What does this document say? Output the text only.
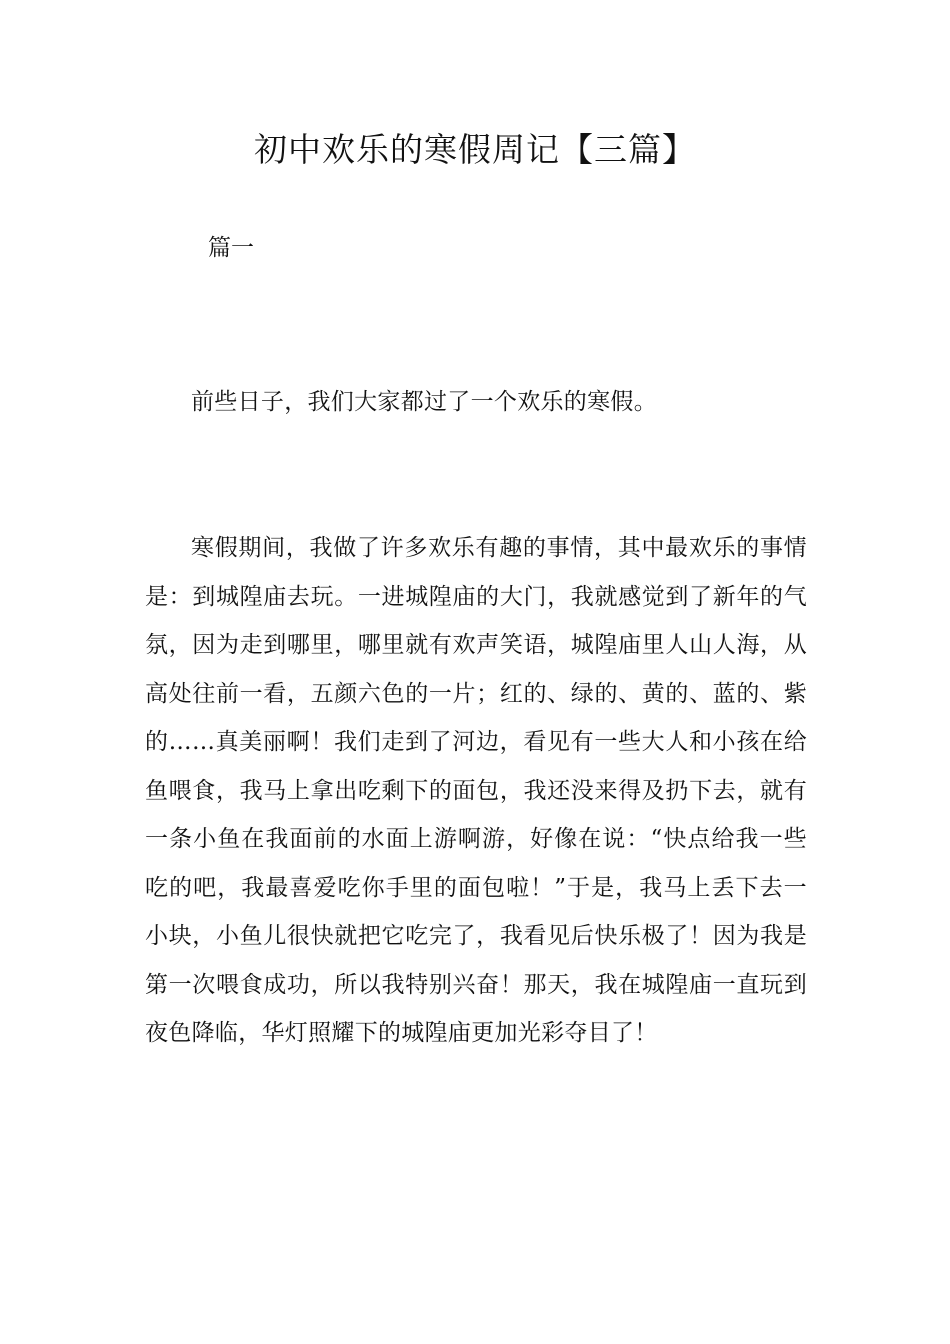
初中欢乐的寒假周记【三篇】

篇一

前些日子，我们大家都过了一个欢乐的寒假。

寒假期间，我做了许多欢乐有趣的事情，其中最欢乐的事情是：到城隍庙去玩。一进城隍庙的大门，我就感觉到了新年的气氛，因为走到哪里，哪里就有欢声笑语，城隍庙里人山人海，从高处往前一看，五颜六色的一片；红的、绿的、黄的、蓝的、紫的……真美丽啊！我们走到了河边，看见有一些大人和小孩在给鱼喂食，我马上拿出吃剩下的面包，我还没来得及扔下去，就有一条小鱼在我面前的水面上游啊游，好像在说：“快点给我一些吃的吧，我最喜爱吃你手里的面包啦！”于是，我马上丢下去一小块，小鱼儿很快就把它吃完了，我看见后快乐极了！因为我是第一次喂食成功，所以我特别兴奋！那天，我在城隍庙一直玩到夜色降临，华灯照耀下的城隍庙更加光彩夺目了！
